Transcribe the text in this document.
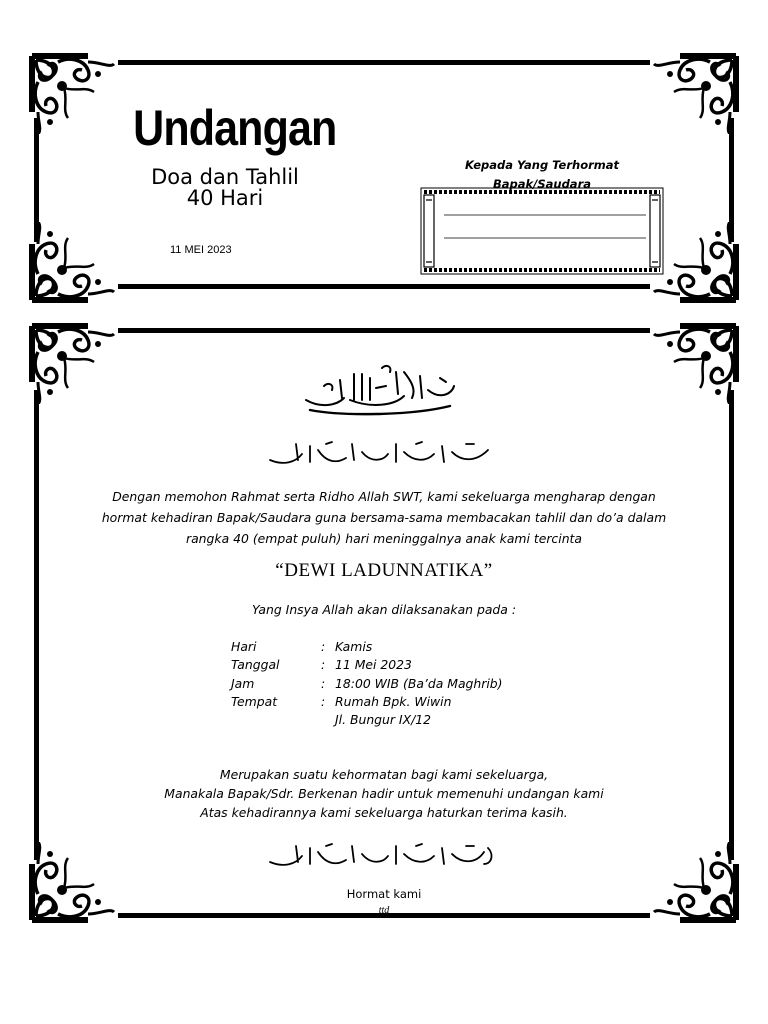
Undangan
Doa dan Tahlil
40 Hari
11 MEI 2023
Kepada Yang Terhormat
Bapak/Saudara
Dengan memohon Rahmat serta Ridho Allah SWT, kami sekeluarga mengharap dengan
hormat kehadiran Bapak/Saudara guna bersama-sama membacakan tahlil dan do’a dalam
rangka 40 (empat puluh) hari meninggalnya anak kami tercinta
“DEWI LADUNNATIKA”
Yang Insya Allah akan dilaksanakan pada :
Hari	: Kamis
Tanggal	: 11 Mei 2023
Jam	: 18:00 WIB (Ba’da Maghrib)
Tempat	: Rumah Bpk. Wiwin
Jl. Bungur IX/12
Merupakan suatu kehormatan bagi kami sekeluarga,
Manakala Bapak/Sdr. Berkenan hadir untuk memenuhi undangan kami
Atas kehadirannya kami sekeluarga haturkan terima kasih.
Hormat kami
ttd
